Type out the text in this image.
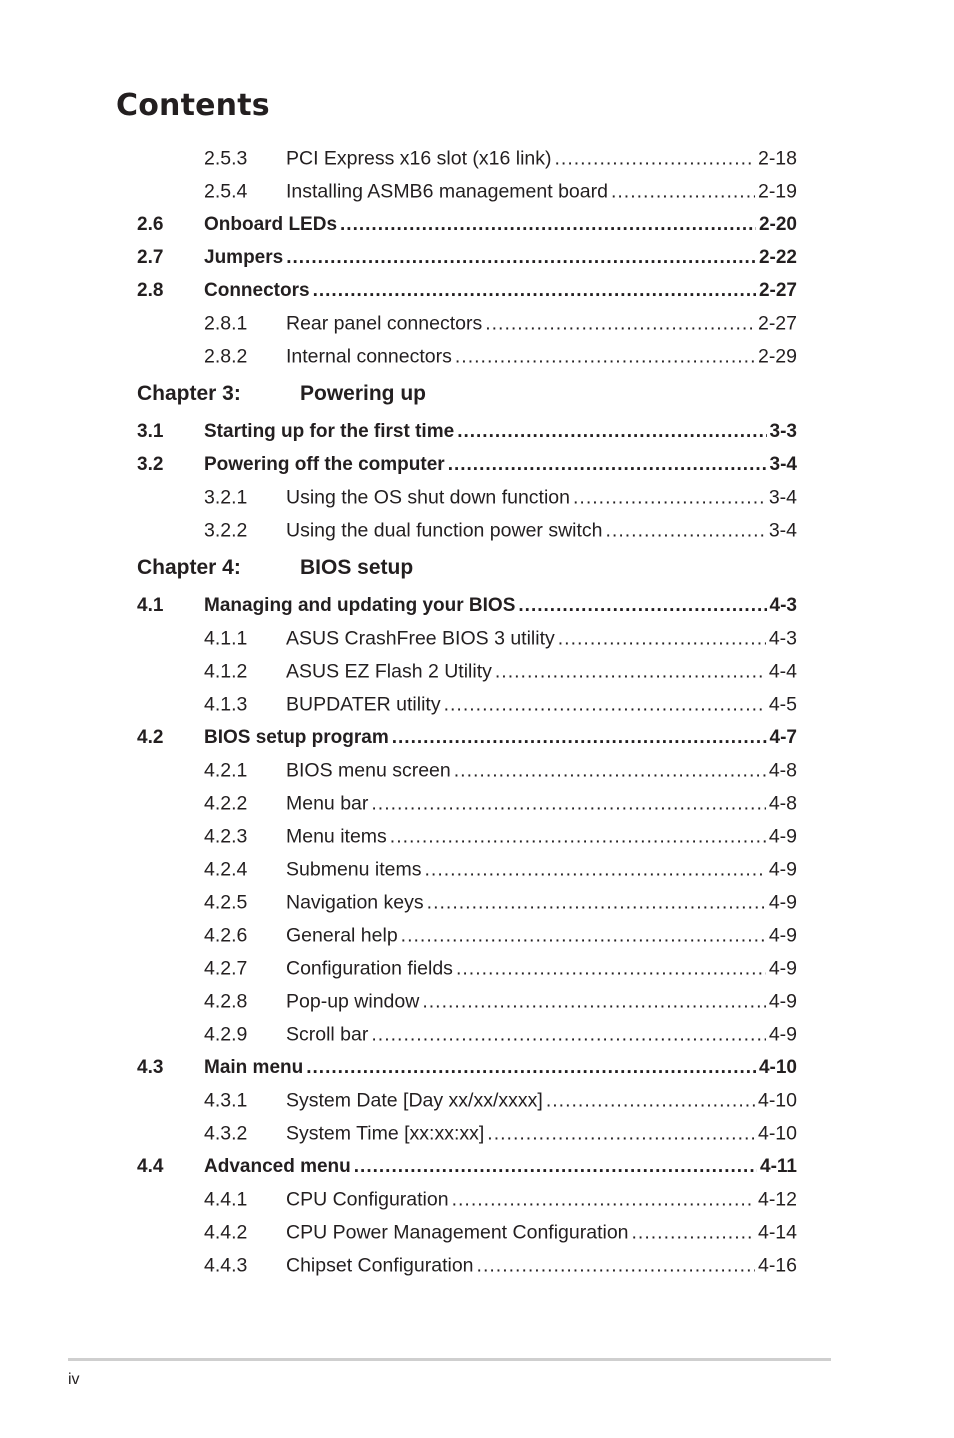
Contents
2.5.3 PCI Express x16 slot (x16 link) .....	2-18
2.5.4 Installing ASMB6 management board .....	2-19
2.6 Onboard LEDs .....	2-20
2.7 Jumpers .....	2-22
2.8 Connectors .....	2-27
2.8.1 Rear panel connectors .....	2-27
2.8.2 Internal connectors .....	2-29
Chapter 3:	Powering up
3.1 Starting up for the first time .....	3-3
3.2 Powering off the computer .....	3-4
3.2.1 Using the OS shut down function .....	3-4
3.2.2 Using the dual function power switch .....	3-4
Chapter 4:	BIOS setup
4.1 Managing and updating your BIOS .....	4-3
4.1.1 ASUS CrashFree BIOS 3 utility .....	4-3
4.1.2 ASUS EZ Flash 2 Utility .....	4-4
4.1.3 BUPDATER utility .....	4-5
4.2 BIOS setup program .....	4-7
4.2.1 BIOS menu screen .....	4-8
4.2.2 Menu bar .....	4-8
4.2.3 Menu items .....	4-9
4.2.4 Submenu items .....	4-9
4.2.5 Navigation keys .....	4-9
4.2.6 General help .....	4-9
4.2.7 Configuration fields .....	4-9
4.2.8 Pop-up window .....	4-9
4.2.9 Scroll bar .....	4-9
4.3 Main menu .....	4-10
4.3.1 System Date [Day xx/xx/xxxx] .....	4-10
4.3.2 System Time [xx:xx:xx] .....	4-10
4.4 Advanced menu .....	4-11
4.4.1 CPU Configuration .....	4-12
4.4.2 CPU Power Management Configuration .....	4-14
4.4.3 Chipset Configuration .....	4-16
iv
